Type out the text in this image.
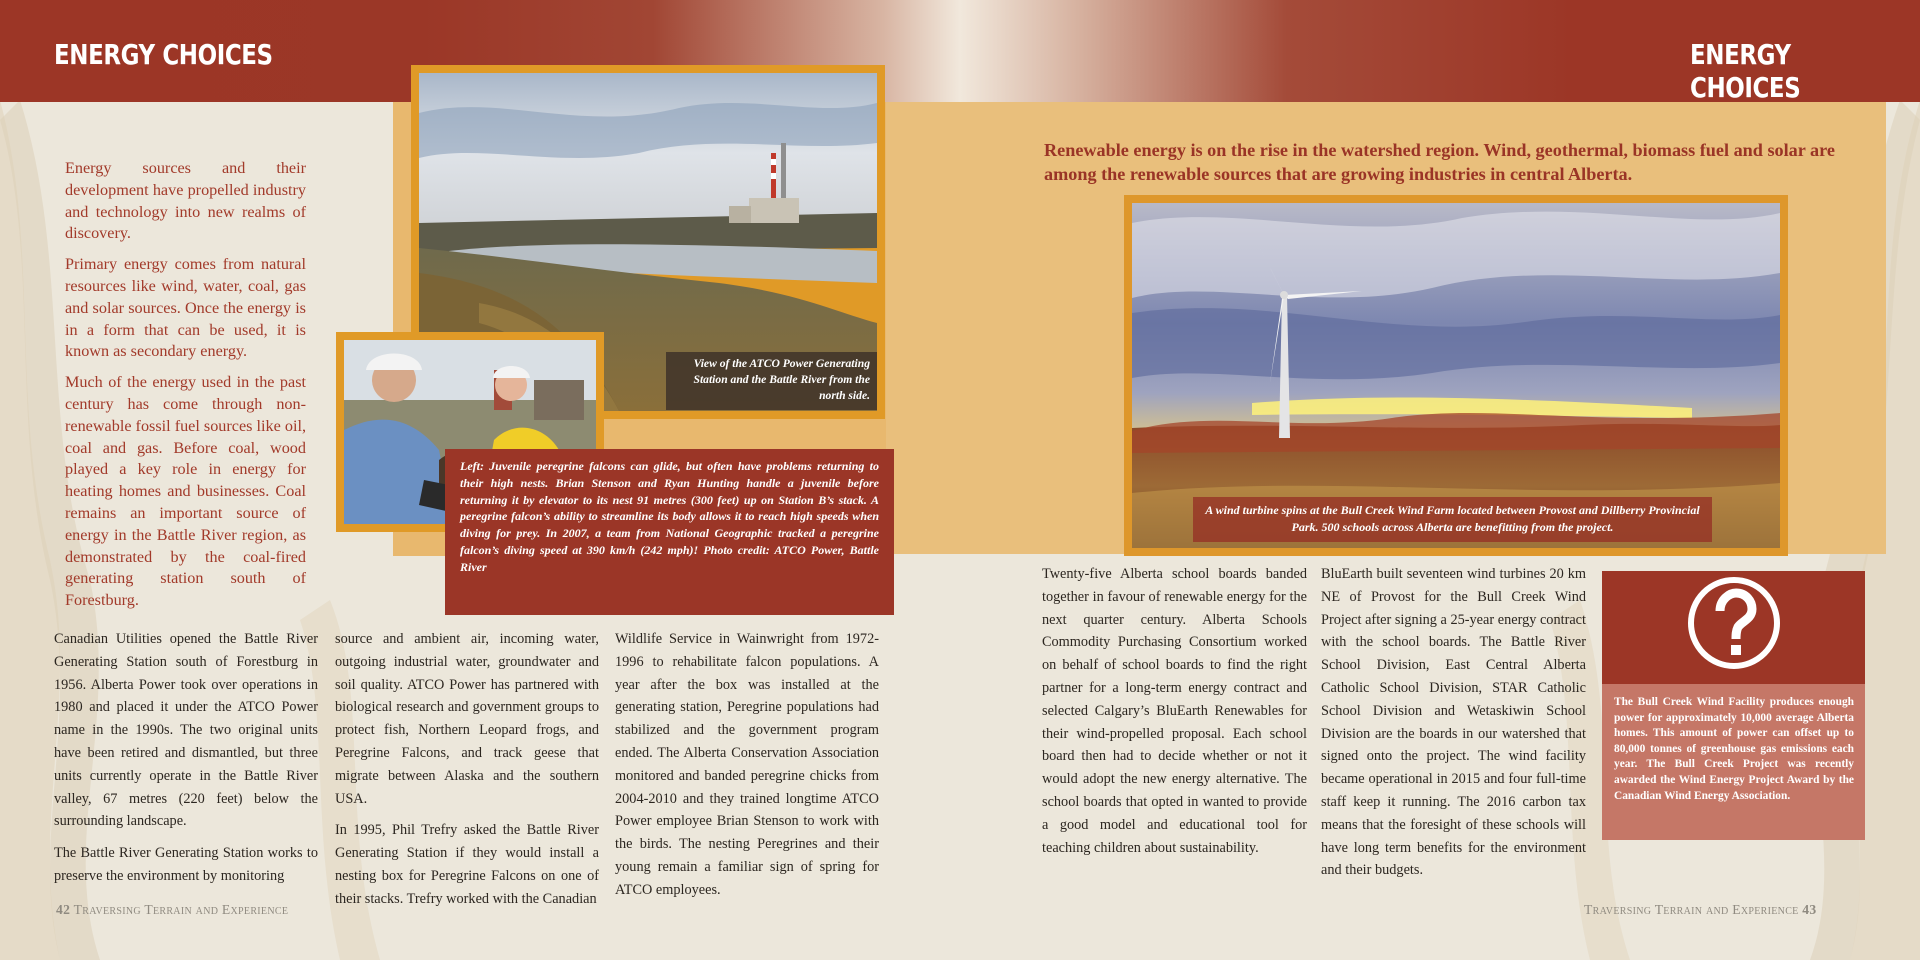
ENERGY CHOICES	ENERGY CHOICES

Energy sources and their development have propelled industry and technology into new realms of discovery.

Primary energy comes from natural resources like wind, water, coal, gas and solar sources. Once the energy is in a form that can be used, it is known as secondary energy.

Much of the energy used in the past century has come through non-renewable fossil fuel sources like oil, coal and gas. Before coal, wood played a key role in energy for heating homes and businesses. Coal remains an important source of energy in the Battle River region, as demonstrated by the coal-fired generating station south of Forestburg.

View of the ATCO Power Generating Station and the Battle River from the north side.
Left: Juvenile peregrine falcons can glide, but often have problems returning to their high nests. Brian Stenson and Ryan Hunting handle a juvenile before returning it by elevator to its nest 91 metres (300 feet) up on Station B’s stack. A peregrine falcon’s ability to streamline its body allows it to reach high speeds when diving for prey. In 2007, a team from National Geographic tracked a peregrine falcon’s diving speed at 390 km/h (242 mph)! Photo credit: ATCO Power, Battle River

Canadian Utilities opened the Battle River Generating Station south of Forestburg in 1956. Alberta Power took over operations in 1980 and placed it under the ATCO Power name in the 1990s. The two original units have been retired and dismantled, but three units currently operate in the Battle River valley, 67 metres (220 feet) below the surrounding landscape.

The Battle River Generating Station works to preserve the environment by monitoring

source and ambient air, incoming water, outgoing industrial water, groundwater and soil quality. ATCO Power has partnered with biological research and government groups to protect fish, Northern Leopard frogs, and Peregrine Falcons, and track geese that migrate between Alaska and the southern USA.

In 1995, Phil Trefry asked the Battle River Generating Station if they would install a nesting box for Peregrine Falcons on one of their stacks. Trefry worked with the Canadian

Wildlife Service in Wainwright from 1972-1996 to rehabilitate falcon populations. A year after the box was installed at the generating station, Peregrine populations had stabilized and the government program ended. The Alberta Conservation Association monitored and banded peregrine chicks from 2004-2010 and they trained longtime ATCO Power employee Brian Stenson to work with the birds. The nesting Peregrines and their young remain a familiar sign of spring for ATCO employees.

Renewable energy is on the rise in the watershed region. Wind, geothermal, biomass fuel and solar are among the renewable sources that are growing industries in central Alberta.
A wind turbine spins at the Bull Creek Wind Farm located between Provost and Dillberry Provincial Park. 500 schools across Alberta are benefitting from the project.

Twenty-five Alberta school boards banded together in favour of renewable energy for the next quarter century. Alberta Schools Commodity Purchasing Consortium worked on behalf of school boards to find the right partner for a long-term energy contract and selected Calgary’s BluEarth Renewables for their wind-propelled proposal. Each school board then had to decide whether or not it would adopt the new energy alternative. The school boards that opted in wanted to provide a good model and educational tool for teaching children about sustainability.

BluEarth built seventeen wind turbines 20 km NE of Provost for the Bull Creek Wind Project after signing a 25-year energy contract with the school boards. The Battle River School Division, East Central Alberta Catholic School Division, STAR Catholic School Division and Wetaskiwin School Division are the boards in our watershed that signed onto the project. The wind facility became operational in 2015 and four full-time staff keep it running. The 2016 carbon tax means that the foresight of these schools will have long term benefits for the environment and their budgets.

The Bull Creek Wind Facility produces enough power for approximately 10,000 average Alberta homes. This amount of power can offset up to 80,000 tonnes of greenhouse gas emissions each year. The Bull Creek Project was recently awarded the Wind Energy Project Award by the Canadian Wind Energy Association.
42 Traversing Terrain and Experience	Traversing Terrain and Experience 43
